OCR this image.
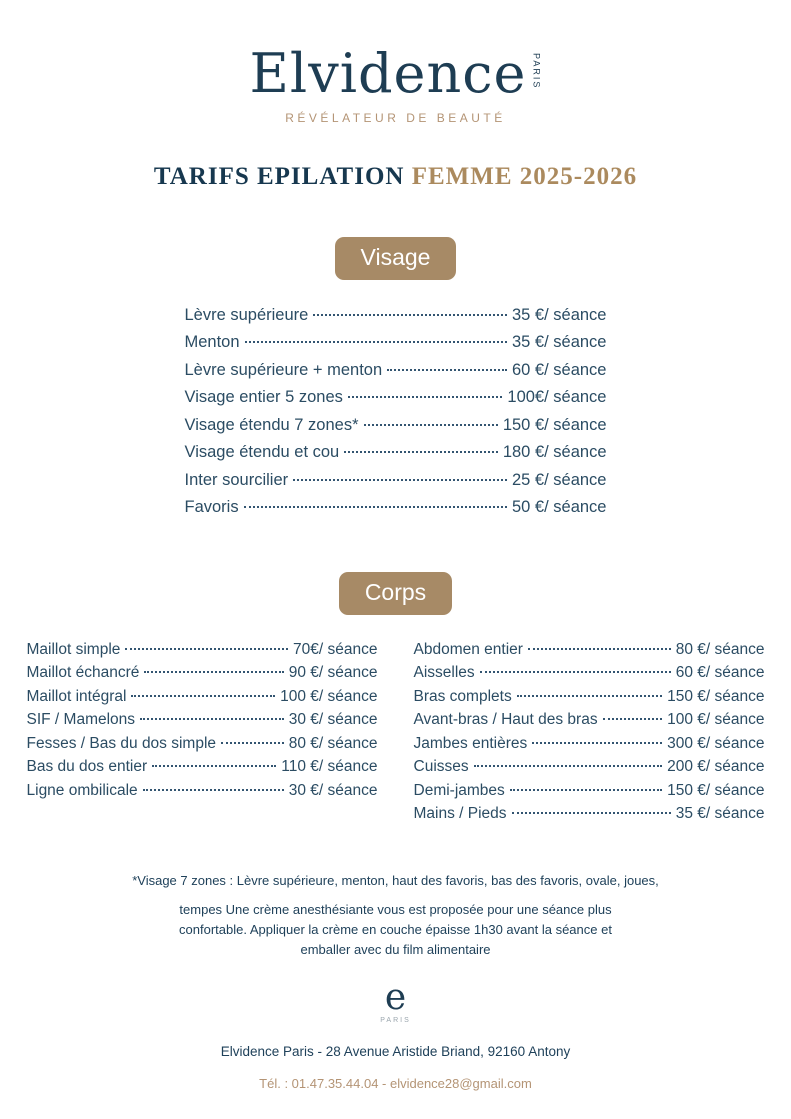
Elvidence PARIS
RÉVÉLATEUR DE BEAUTÉ
TARIFS EPILATION FEMME 2025-2026
Visage
Lèvre supérieure	35 €/ séance
Menton	35 €/ séance
Lèvre supérieure + menton	60 €/ séance
Visage entier 5 zones	100€/ séance
Visage étendu 7 zones*	150 €/ séance
Visage étendu et cou	180 €/ séance
Inter sourcilier	25 €/ séance
Favoris	50 €/ séance
Corps
Maillot simple	70€/ séance
Maillot échancré	90 €/ séance
Maillot intégral	100 €/ séance
SIF / Mamelons	30 €/ séance
Fesses / Bas du dos simple	80 €/ séance
Bas du dos entier	110 €/ séance
Ligne ombilicale	30 €/ séance
Abdomen entier	80 €/ séance
Aisselles	60 €/ séance
Bras complets	150 €/ séance
Avant-bras / Haut des bras	100 €/ séance
Jambes entières	300 €/ séance
Cuisses	200 €/ séance
Demi-jambes	150 €/ séance
Mains / Pieds	35 €/ séance

*Visage 7 zones : Lèvre supérieure, menton, haut des favoris, bas des favoris, ovale, joues,

tempes Une crème anesthésiante vous est proposée pour une séance plus confortable. Appliquer la crème en couche épaisse 1h30 avant la séance et emballer avec du film alimentaire

e
PARIS
Elvidence Paris - 28 Avenue Aristide Briand, 92160 Antony
Tél. : 01.47.35.44.04 - elvidence28@gmail.com
